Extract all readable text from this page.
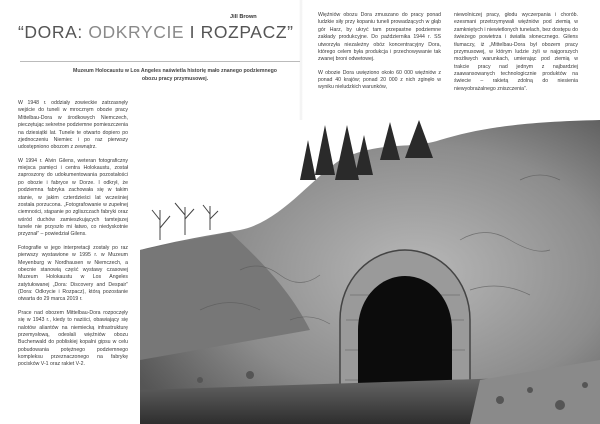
Jill Brown
“DORA: ODKRYCIE I ROZPACZ”
Muzeum Holocaustu w Los Angeles naświetla historię mało znanego podziemnego obozu pracy przymusowej.

W 1948 r. oddziały zowieckie zatrzasnęły wejście do tuneli w mrocznym obozie pracy Mittelbau-Dora w środkowych Niemczech, pieczętując sekretne podziemne pomieszczenia na dziesiątki lat. Tunele te otwarto dopiero po zjednoczeniu Niemiec i po raz pierwszy udostępniono obozom z zewnątrz.

W 1994 r. Alvin Gilens, weteran fotograficzny miejsca pamięci i centra Holokaustu, został zaproszony do udokumentowania pozostałości po obozie i fabryce w Dorze. I odkrył, że podziemna fabryka zachowała się w takim stanie, w jakim czterdzieści lat wcześniej została porzucona. „Fotografowanie w zupełnej ciemności, stąpanie po zgliszczach fabryki oraz wśród duchów zamieszkujących tamtejszej tunele nie przyszło mi łatwo, co niedyskotnie przyznał” – powiedział Gilens.

Fotografie w jego interpretacji zostały po raz pierwszy wystawione w 1995 r. w Muzeum Meyenburg w Nordhausen w Niemczech, a obecnie stanowią część wystawy czasowej Muzeum Holokaustu w Los Angeles zatytułowanej „Dora: Discovery and Despair” (Dora: Odkrycie i Rozpacz), którą pozostanie otwarta do 29 marca 2019 r.

Prace nad obozem Mittelbau-Dora rozpoczęły się w 1943 r., kiedy to naziści, obawiający się nalotów aliantów na niemiecką infrastrukturę przemysłową, odesłali więźniów obozu Buchenwald do pobliskiej kopalni gipsu w celu pobudowania potężnego podziemnego kompleksu przeznaczonego na fabrykę pocisków V-1 oraz rakiet V-2.

Więźniów obozu Dora zmuszano do pracy ponad ludzkie siły przy kopaniu tuneli prowadzących w głąb gór Harz, by ukryć tam przepastne podziemne zakłady produkcyjne. Do października 1944 r. SS utworzyła niezależny obóz koncentracyjny Dora, którego celem była produkcja i przechowywanie tak zwanej broni odwetowej.

W obozie Dora uwięziono około 60 000 więźniów z ponad 40 krajów; ponad 20 000 z nich zginęło w wyniku nieludzkich warunków,

niewolniczej pracy, głodu wyczerpania i chorób. ezesmani przetrzymywali więźniów pod ziemią w zamkniętych i niewietlonych tunelach, bez dostępu do świeżego powietrza i światła słonecznego. Gilens tłumaczy, iż „Mittelbau-Dora był obozem pracy przymusowej, w którym ludzie żyli w najgorszych możliwych warunkach, umierając pod ziemią w trakcie pracy nad jednym z najbardziej zaawansowanych technologicznie produktów na świecie – rakietą zdolną do niesienia niewyobrażalnego zniszczenia”.
